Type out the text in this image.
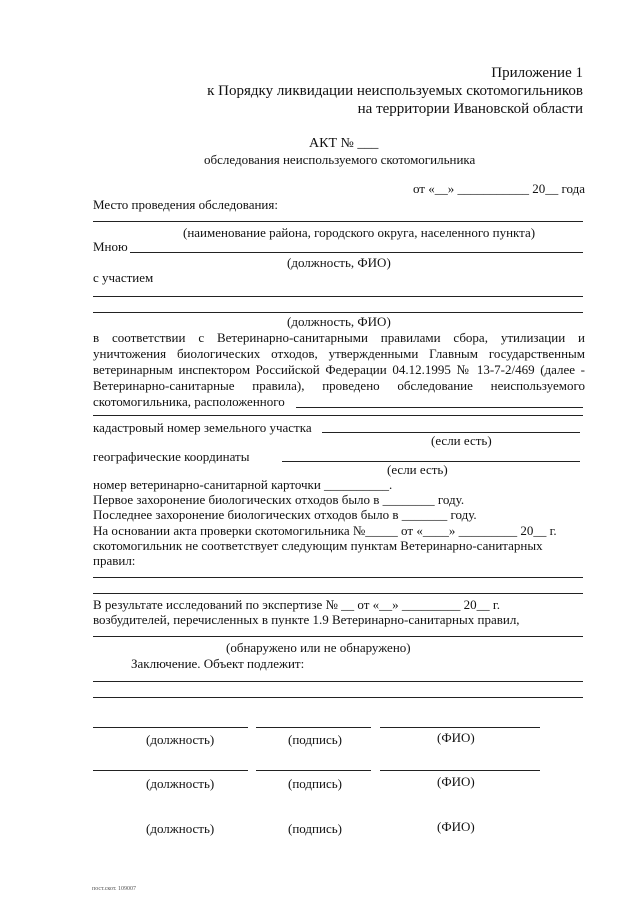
Приложение 1
к Порядку ликвидации неиспользуемых скотомогильников
на территории Ивановской области
АКТ № ___
обследования неиспользуемого скотомогильника
от «__» ___________ 20__ года
Место проведения обследования:
(наименование района, городского округа, населенного пункта)
Мною
(должность, ФИО)
с участием
(должность, ФИО)
в соответствии с Ветеринарно-санитарными правилами сбора, утилизации и
уничтожения биологических отходов, утвержденными Главным государственным
ветеринарным инспектором Российской Федерации 04.12.1995 № 13-7-2/469 (далее -
Ветеринарно-санитарные правила), проведено обследование неиспользуемого
скотомогильника, расположенного
кадастровый номер земельного участка
(если есть)
географические координаты
(если есть)
номер ветеринарно-санитарной карточки __________.
Первое захоронение биологических отходов было в ________ году.
Последнее захоронение биологических отходов было в _______ году.
На основании акта проверки скотомогильника №_____ от «____» _________ 20__ г.
скотомогильник не соответствует следующим пунктам Ветеринарно-санитарных
правил:
В результате исследований по экспертизе № __ от «__» _________ 20__ г.
возбудителей, перечисленных в пункте 1.9 Ветеринарно-санитарных правил,
(обнаружено или не обнаружено)
Заключение. Объект подлежит:
(должность)	(подпись)	(ФИО)
(должность)	(подпись)	(ФИО)
(должность)	(подпись)	(ФИО)
пост.скот. 109007
